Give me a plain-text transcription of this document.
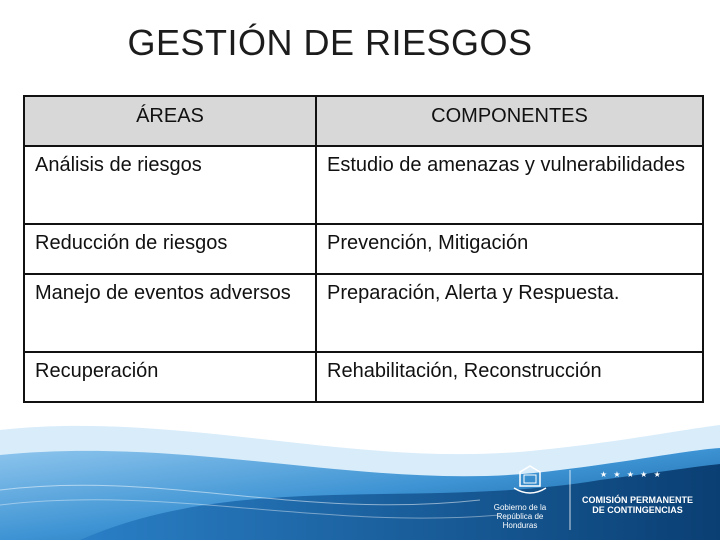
GESTIÓN DE RIESGOS
ÁREAS	COMPONENTES
Análisis de riesgos	Estudio de amenazas y vulnerabilidades
Reducción de riesgos	Prevención, Mitigación
Manejo de eventos adversos	Preparación, Alerta y Respuesta.
Recuperación	Rehabilitación, Reconstrucción
★ ★ ★ ★ ★
Gobierno de la
República de Honduras
COMISIÓN PERMANENTE
DE CONTINGENCIAS
